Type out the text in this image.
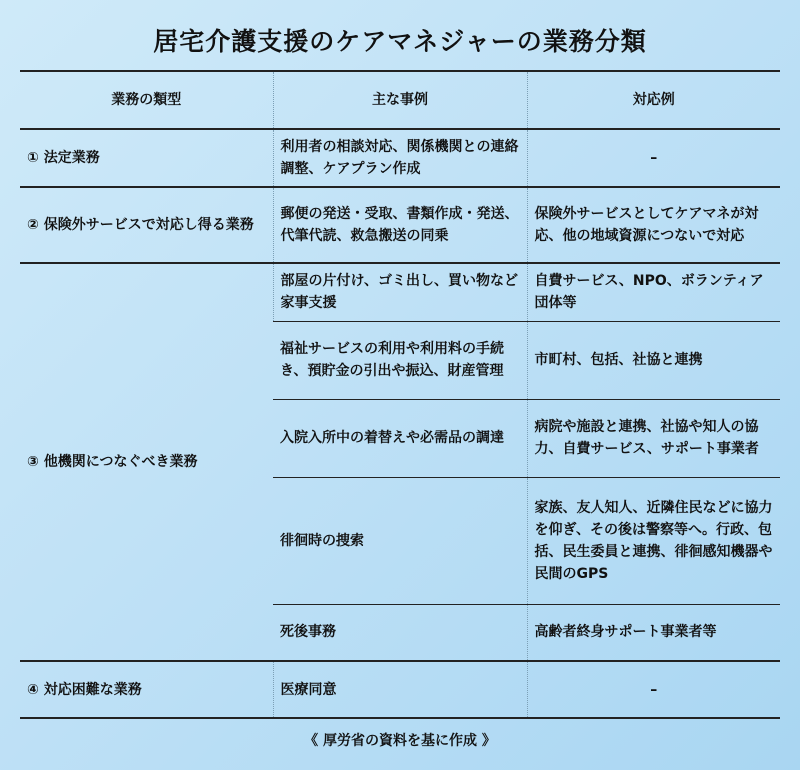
居宅介護支援のケアマネジャーの業務分類
業務の類型	主な事例	対応例
① 法定業務	利用者の相談対応、関係機関との連絡調整、ケアプラン作成	–
② 保険外サービスで対応し得る業務	郵便の発送・受取、書類作成・発送、代筆代読、救急搬送の同乗	保険外サービスとしてケアマネが対応、他の地域資源につないで対応
③ 他機関につなぐべき業務	部屋の片付け、ゴミ出し、買い物など家事支援	自費サービス、NPO、ボランティア団体等
	福祉サービスの利用や利用料の手続き、預貯金の引出や振込、財産管理	市町村、包括、社協と連携
	入院入所中の着替えや必需品の調達	病院や施設と連携、社協や知人の協力、自費サービス、サポート事業者
	徘徊時の捜索	家族、友人知人、近隣住民などに協力を仰ぎ、その後は警察等へ。行政、包括、民生委員と連携、徘徊感知機器や民間のGPS
	死後事務	高齢者終身サポート事業者等
④ 対応困難な業務	医療同意	–
《 厚労省の資料を基に作成 》
